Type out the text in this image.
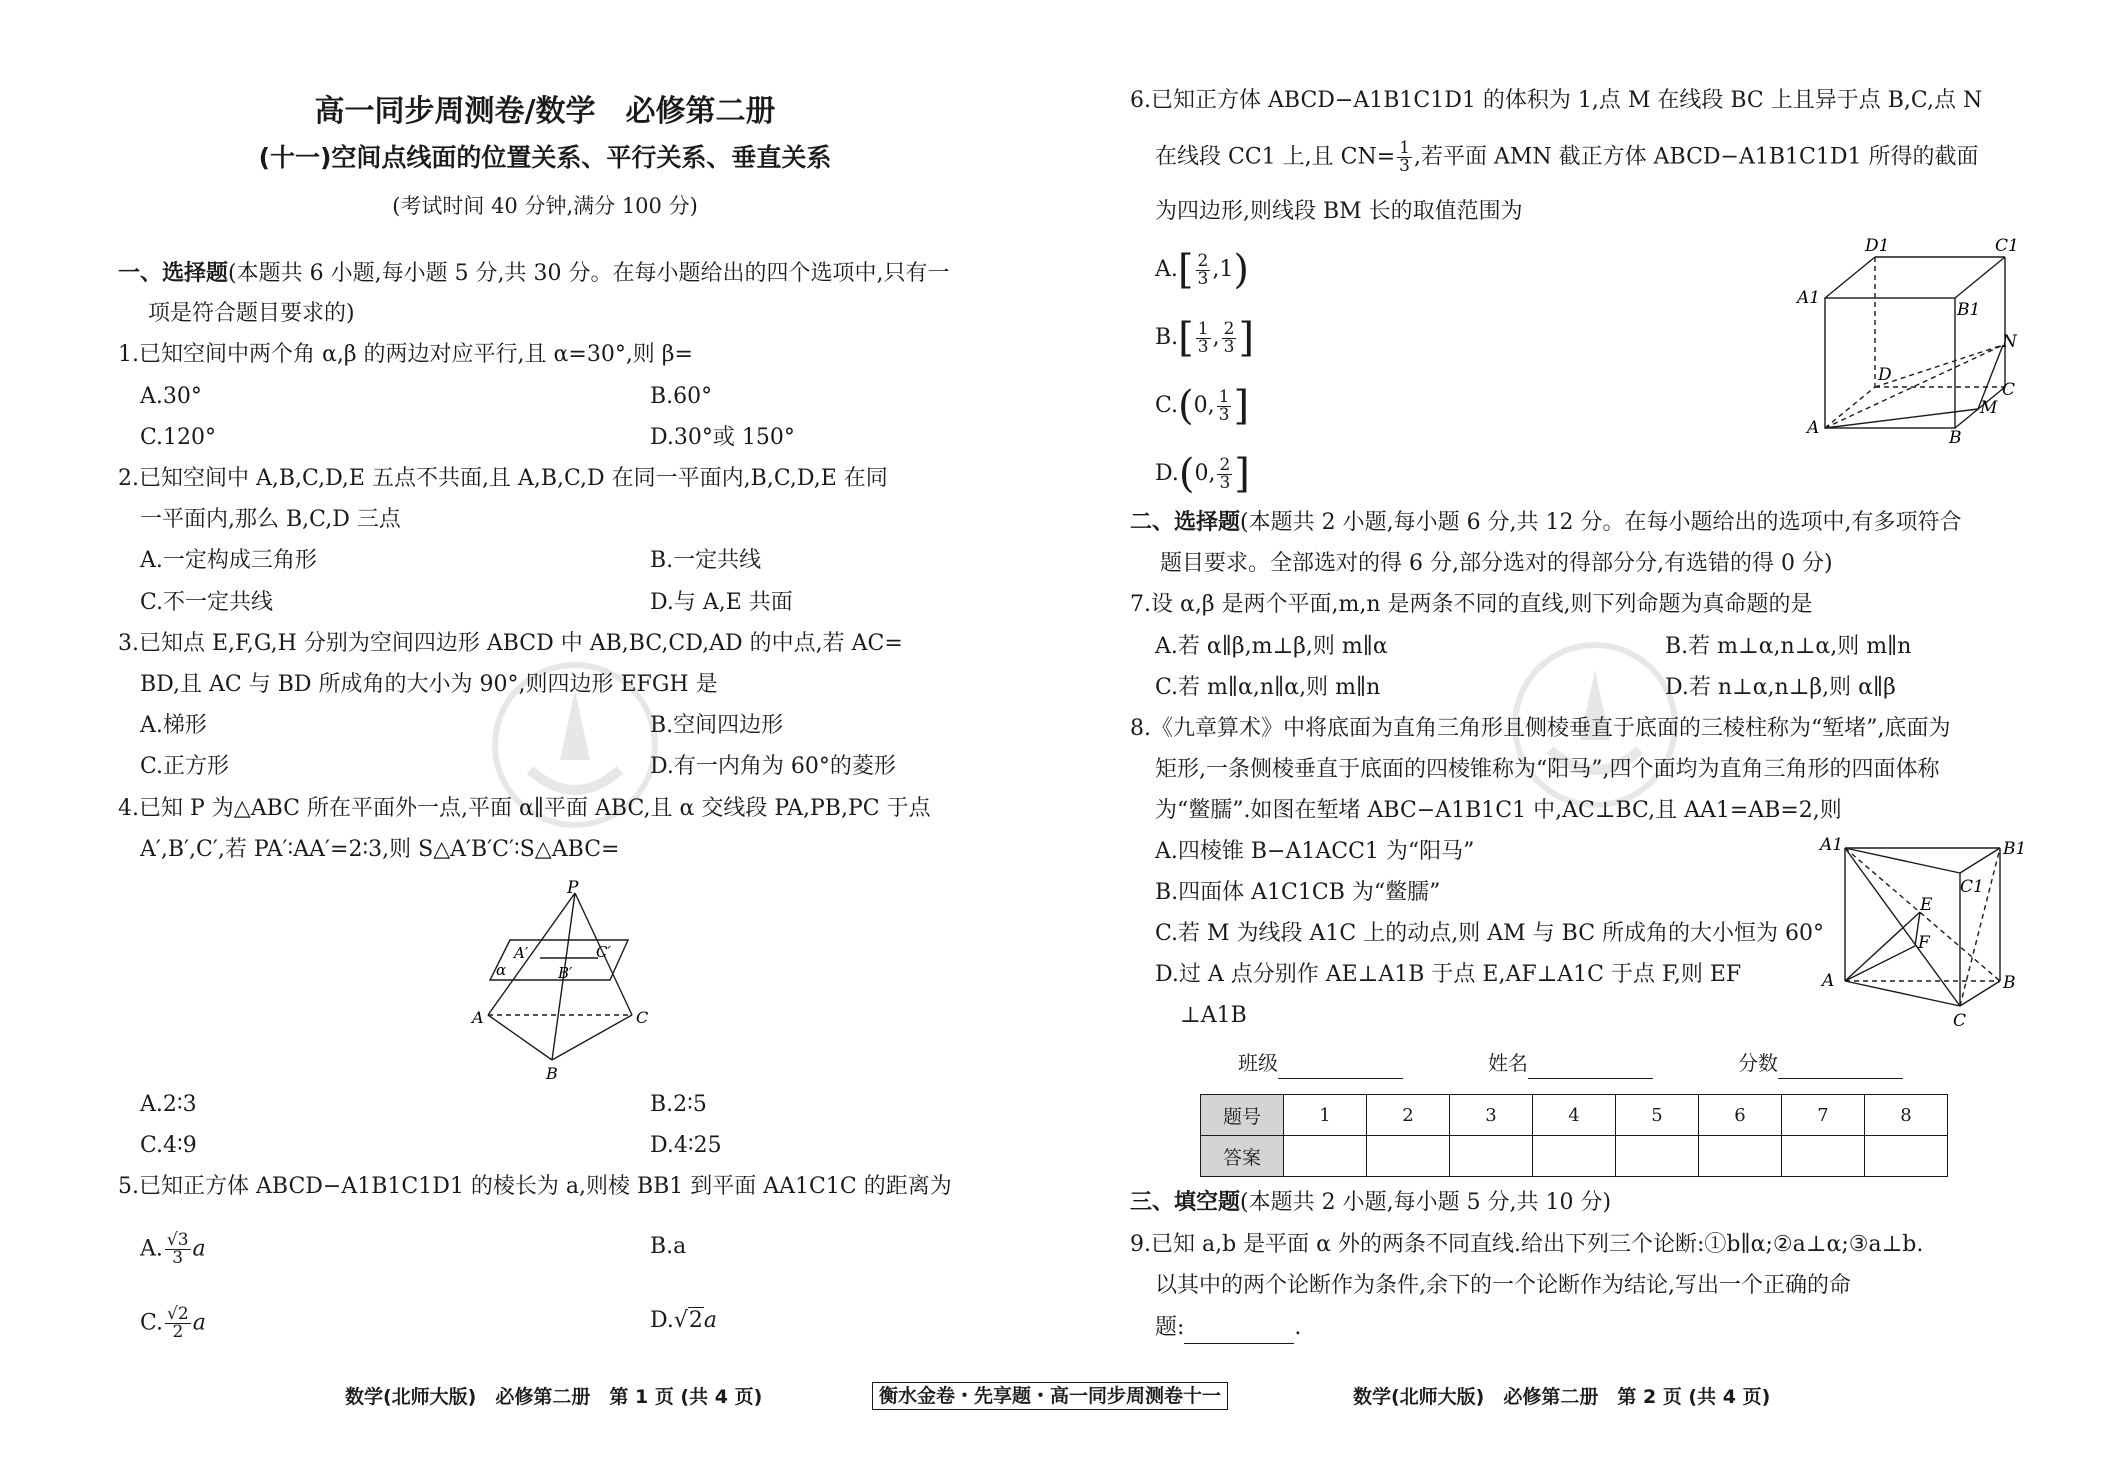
高一同步周测卷/数学　必修第二册
(十一)空间点线面的位置关系、平行关系、垂直关系
(考试时间 40 分钟,满分 100 分)
一、选择题(本题共 6 小题,每小题 5 分,共 30 分。在每小题给出的四个选项中,只有一
项是符合题目要求的)
1.已知空间中两个角 α,β 的两边对应平行,且 α=30°,则 β=
A.30°	B.60°
C.120°	D.30°或 150°
2.已知空间中 A,B,C,D,E 五点不共面,且 A,B,C,D 在同一平面内,B,C,D,E 在同
一平面内,那么 B,C,D 三点
A.一定构成三角形	B.一定共线
C.不一定共线	D.与 A,E 共面
3.已知点 E,F,G,H 分别为空间四边形 ABCD 中 AB,BC,CD,AD 的中点,若 AC=
BD,且 AC 与 BD 所成角的大小为 90°,则四边形 EFGH 是
A.梯形	B.空间四边形
C.正方形	D.有一内角为 60°的菱形
4.已知 P 为△ABC 所在平面外一点,平面 α∥平面 ABC,且 α 交线段 PA,PB,PC 于点
A′,B′,C′,若 PA′∶AA′=2∶3,则 S△A′B′C′∶S△ABC=
P
A′	C′
α	B′
A	C
B
A.2∶3	B.2∶5
C.4∶9	D.4∶25
5.已知正方体 ABCD−A1B1C1D1 的棱长为 a,则棱 BB1 到平面 AA1C1C 的距离为
A. $\frac{√3}{3}$ a	B.a
C. $\frac{√2}{2}$ a	D.√2a
6.已知正方体 ABCD−A1B1C1D1 的体积为 1,点 M 在线段 BC 上且异于点 B,C,点 N
在线段 CC1 上,且 $CN= \frac{1}{3}$ ,若平面 AMN 截正方体 ABCD−A1B1C1D1 所得的截面
为四边形,则线段 BM 长的取值范围为
$A.[ \frac{2}{3} ,1)$
$B.[ \frac{1}{3}$ , $\frac{2}{3}$ ]
C.(0, $\frac{1}{3}$ ]
D.(0, $\frac{2}{3}$ ]
D1	C1
A1
B1
N
D
C
M
A	B
二、选择题(本题共 2 小题,每小题 6 分,共 12 分。在每小题给出的选项中,有多项符合
题目要求。全部选对的得 6 分,部分选对的得部分分,有选错的得 0 分)
7.设 α,β 是两个平面,m,n 是两条不同的直线,则下列命题为真命题的是
A.若 α∥β,m⊥β,则 m∥α	B.若 m⊥α,n⊥α,则 m∥n
C.若 m∥α,n∥α,则 m∥n	D.若 n⊥α,n⊥β,则 α∥β
8.《九章算术》中将底面为直角三角形且侧棱垂直于底面的三棱柱称为“堑堵”,底面为
矩形,一条侧棱垂直于底面的四棱锥称为“阳马”,四个面均为直角三角形的四面体称
为“鳖臑”.如图在堑堵 ABC−A1B1C1 中,AC⊥BC,且 AA1=AB=2,则
A.四棱锥 B−A1ACC1 为“阳马”
B.四面体 A1C1CB 为“鳖臑”
C.若 M 为线段 A1C 上的动点,则 AM 与 BC 所成角的大小恒为 60°
D.过 A 点分别作 AE⊥A1B 于点 E,AF⊥A1C 于点 F,则 EF
⊥A1B
A1	B1
C1
E
F
A	B
C
班级	姓名	分数
题号	1	2	3	4	5	6	7	8
答案								
三、填空题(本题共 2 小题,每小题 5 分,共 10 分)
9.已知 a,b 是平面 α 外的两条不同直线.给出下列三个论断:①b∥α;②a⊥α;③a⊥b.
以其中的两个论断作为条件,余下的一个论断作为结论,写出一个正确的命
题:	.
数学(北师大版)　必修第二册　第 1 页 (共 4 页)	衡水金卷・先享题・高一同步周测卷十一	数学(北师大版)　必修第二册　第 2 页 (共 4 页)
